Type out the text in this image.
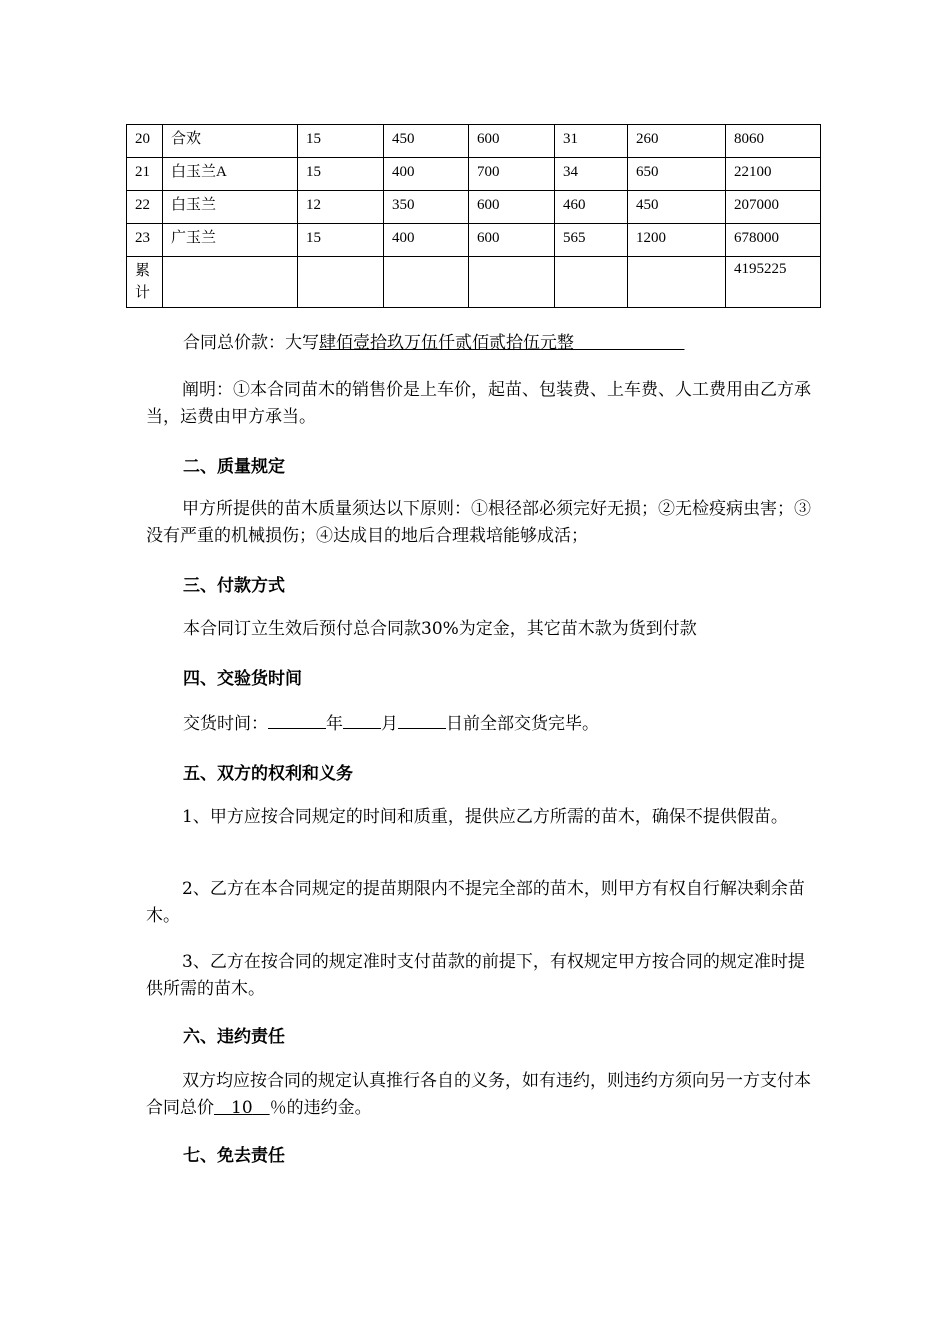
20	合欢	15	450	600	31	260	8060
21	白玉兰A	15	400	700	34	650	22100
22	白玉兰	12	350	600	460	450	207000
23	广玉兰	15	400	600	565	1200	678000

累
计							4195225

合同总价款：大写肆佰壹拾玖万伍仟贰佰贰拾伍元整             

阐明：①本合同苗木的销售价是上车价，起苗、包装费、上车费、人工费用由乙方承当，运费由甲方承当。

二、质量规定

甲方所提供的苗木质量须达以下原则：①根径部必须完好无损；②无检疫病虫害；③没有严重的机械损伤；④达成目的地后合理栽培能够成活；

三、付款方式

本合同订立生效后预付总合同款30%为定金，其它苗木款为货到付款

四、交验货时间

交货时间：	年 月	日前全部交货完毕。

五、双方的权利和义务

1、甲方应按合同规定的时间和质重，提供应乙方所需的苗木，确保不提供假苗。

2、乙方在本合同规定的提苗期限内不提完全部的苗木，则甲方有权自行解决剩余苗木。

3、乙方在按合同的规定准时支付苗款的前提下，有权规定甲方按合同的规定准时提供所需的苗木。

六、违约责任

双方均应按合同的规定认真推行各自的义务，如有违约，则违约方须向另一方支付本合同总价   10   ％的违约金。

七、免去责任
